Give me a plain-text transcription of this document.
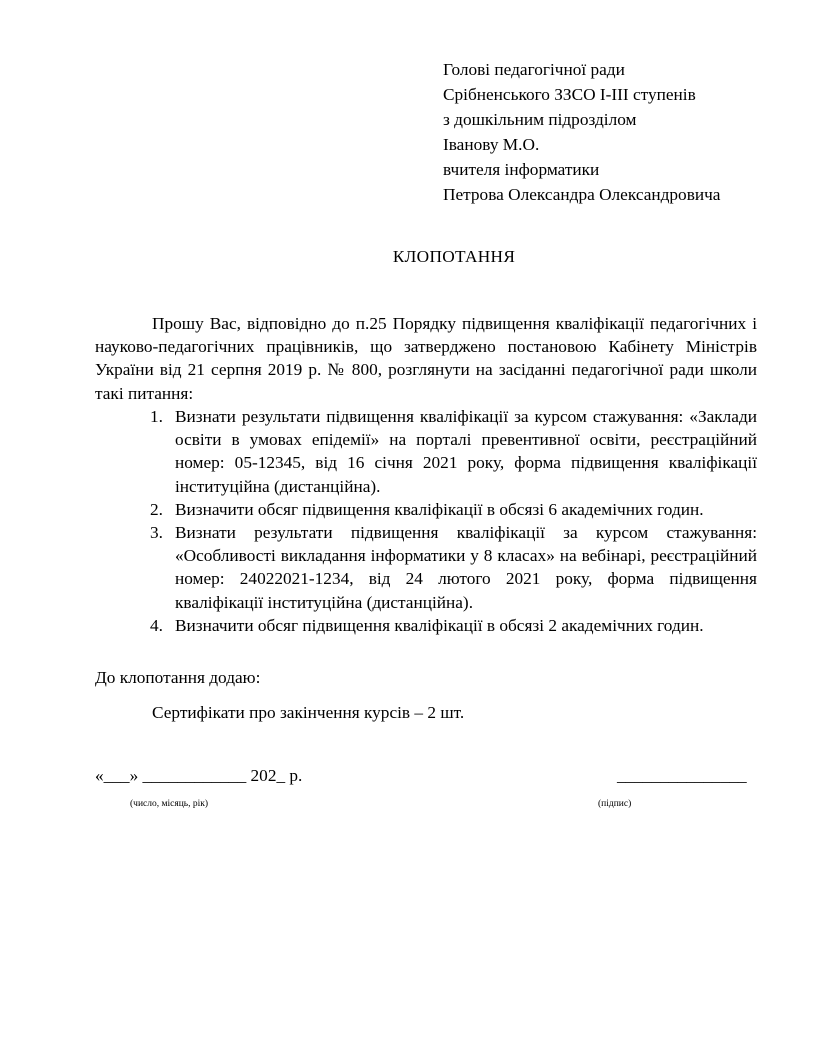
Голові педагогічної ради
Срібненського ЗЗСО І-ІІІ ступенів
з дошкільним підрозділом
Іванову М.О.
вчителя інформатики
Петрова Олександра Олександровича
КЛОПОТАННЯ

Прошу Вас, відповідно до п.25 Порядку підвищення кваліфікації педагогічних і науково-педагогічних працівників, що затверджено постановою Кабінету Міністрів України від 21 серпня 2019 р. № 800, розглянути на засіданні педагогічної ради школи такі питання:

1. Визнати результати підвищення кваліфікації за курсом стажування: «Заклади освіти в умовах епідемії» на порталі превентивної освіти, реєстраційний номер: 05-12345, від 16 січня 2021 року, форма підвищення кваліфікації інституційна (дистанційна).
2. Визначити обсяг підвищення кваліфікації в обсязі 6 академічних годин.
3. Визнати результати підвищення кваліфікації за курсом стажування: «Особливості викладання інформатики у 8 класах» на вебінарі, реєстраційний номер: 24022021-1234, від 24 лютого 2021 року, форма підвищення кваліфікації інституційна (дистанційна).
4. Визначити обсяг підвищення кваліфікації в обсязі 2 академічних годин.
До клопотання додаю:
Сертифікати про закінчення курсів – 2 шт.
«___» ____________ 202_ р.	_______________
(число, місяць, рік)	(підпис)
